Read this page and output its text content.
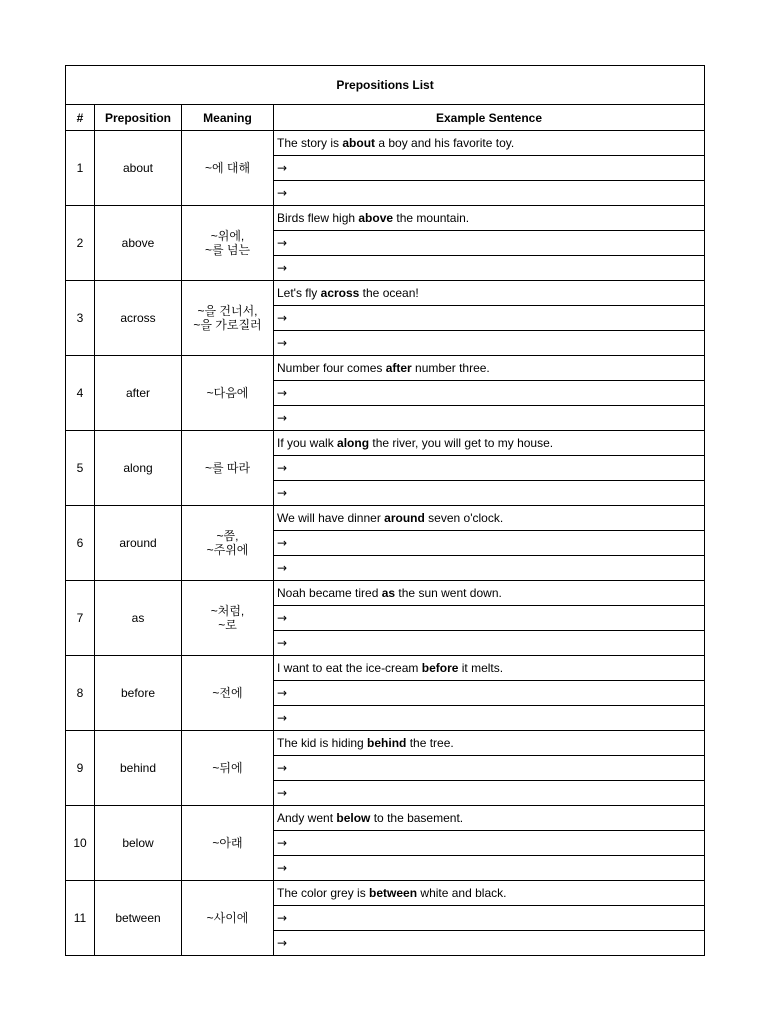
Prepositions List			
#	Preposition	Meaning	Example Sentence
1	about	~에 대해	The story is about a boy and his favorite toy.
			→
			→
2	above	~위에,
~를 넘는	Birds flew high above the mountain.
			→
			→
3	across	~을 건너서,
~을 가로질러	Let's fly across the ocean!
			→
			→
4	after	~다음에	Number four comes after number three.
			→
			→
5	along	~를 따라	If you walk along the river, you will get to my house.
			→
			→
6	around	~쯤,
~주위에	We will have dinner around seven o'clock.
			→
			→
7	as	~처럼,
~로	Noah became tired as the sun went down.
			→
			→
8	before	~전에	I want to eat the ice-cream before it melts.
			→
			→
9	behind	~뒤에	The kid is hiding behind the tree.
			→
			→
10	below	~아래	Andy went below to the basement.
			→
			→
11	between	~사이에	The color grey is between white and black.
			→
			→
